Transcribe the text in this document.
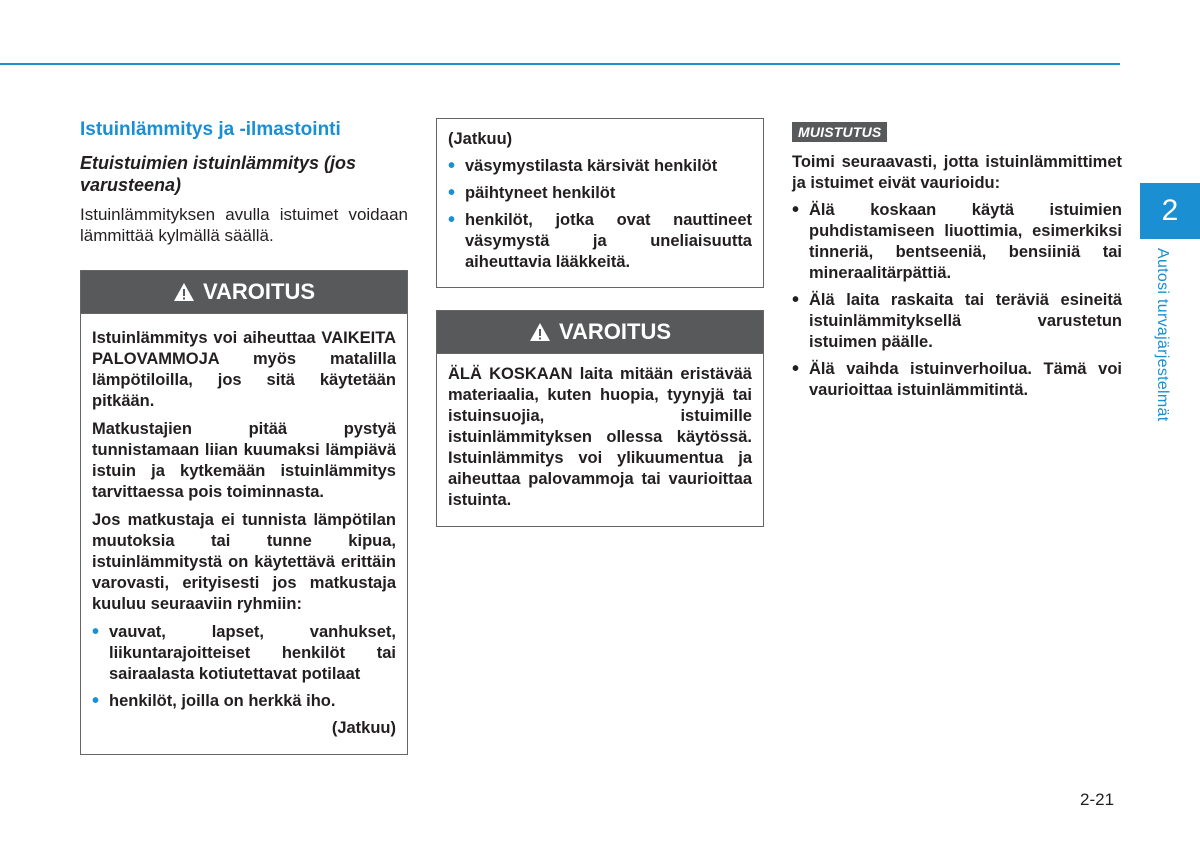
Istuinlämmitys ja -ilmastointi
Etuistuimien istuinlämmitys (jos varusteena)

Istuinlämmityksen avulla istuimet voidaan lämmittää kylmällä säällä.

VAROITUS

Istuinlämmitys voi aiheuttaa VAIKEITA PALOVAMMOJA myös matalilla lämpötiloilla, jos sitä käytetään pitkään.

Matkustajien pitää pystyä tunnistamaan liian kuumaksi lämpiävä istuin ja kytkemään istuinlämmitys tarvittaessa pois toiminnasta.

Jos matkustaja ei tunnista lämpötilan muutoksia tai tunne kipua, istuinlämmitystä on käytettävä erittäin varovasti, erityisesti jos matkustaja kuuluu seuraaviin ryhmiin:

• vauvat, lapset, vanhukset, liikuntarajoitteiset henkilöt tai sairaalasta kotiutettavat potilaat
• henkilöt, joilla on herkkä iho.

(Jatkuu)

(Jatkuu)

• väsymystilasta kärsivät henkilöt
• päihtyneet henkilöt
• henkilöt, jotka ovat nauttineet väsymystä ja uneliaisuutta aiheuttavia lääkkeitä.
VAROITUS

ÄLÄ KOSKAAN laita mitään eristävää materiaalia, kuten huopia, tyynyjä tai istuinsuojia, istuimille istuinlämmityksen ollessa käytössä. Istuinlämmitys voi ylikuumentua ja aiheuttaa palovammoja tai vaurioittaa istuinta.

MUISTUTUS

Toimi seuraavasti, jotta istuinlämmittimet ja istuimet eivät vaurioidu:

• Älä koskaan käytä istuimien puhdistamiseen liuottimia, esimerkiksi tinneriä, bentseeniä, bensiiniä tai mineraalitärpättiä.
• Älä laita raskaita tai teräviä esineitä istuinlämmityksellä varustetun istuimen päälle.
• Älä vaihda istuinverhoilua. Tämä voi vaurioittaa istuinlämmitintä.
2
Autosi turvajärjestelmät
2-21
